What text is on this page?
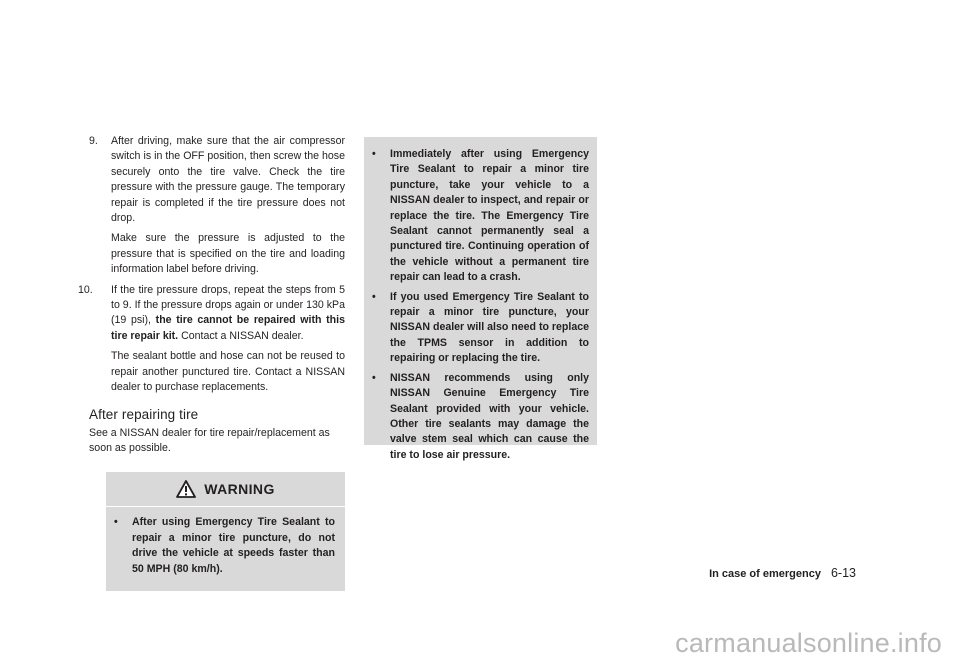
9.	After driving, make sure that the air compressor switch is in the OFF position, then screw the hose securely onto the tire valve. Check the tire pressure with the pressure gauge. The temporary repair is completed if the tire pressure does not drop.

Make sure the pressure is adjusted to the pressure that is specified on the tire and loading information label before driving.

10.	If the tire pressure drops, repeat the steps from 5 to 9. If the pressure drops again or under 130 kPa (19 psi), the tire cannot be repaired with this tire repair kit. Contact a NISSAN dealer.

The sealant bottle and hose can not be reused to repair another punctured tire. Contact a NISSAN dealer to purchase replacements.

After repairing tire

See a NISSAN dealer for tire repair/replacement as soon as possible.

WARNING
•	After using Emergency Tire Sealant to repair a minor tire puncture, do not drive the vehicle at speeds faster than 50 MPH (80 km/h).
•	Immediately after using Emergency Tire Sealant to repair a minor tire puncture, take your vehicle to a NISSAN dealer to inspect, and repair or replace the tire. The Emergency Tire Sealant cannot permanently seal a punctured tire. Continuing operation of the vehicle without a permanent tire repair can lead to a crash.
•	If you used Emergency Tire Sealant to repair a minor tire puncture, your NISSAN dealer will also need to replace the TPMS sensor in addition to repairing or replacing the tire.
•	NISSAN recommends using only NISSAN Genuine Emergency Tire Sealant provided with your vehicle. Other tire sealants may damage the valve stem seal which can cause the tire to lose air pressure.
In case of emergency 6-13
carmanualsonline.info
